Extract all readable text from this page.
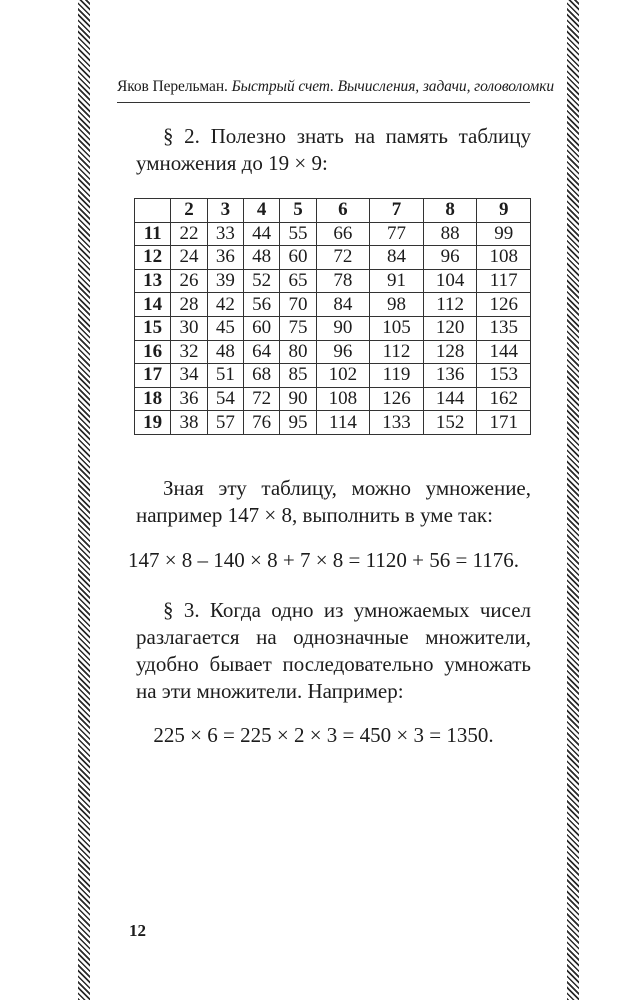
Яков Перельман. Быстрый счет. Вычисления, задачи, головоломки

§ 2. Полезно знать на память таблицу умножения до 19 × 9:

	2	3	4	5	6	7	8	9
11	22	33	44	55	66	77	88	99
12	24	36	48	60	72	84	96	108
13	26	39	52	65	78	91	104	117
14	28	42	56	70	84	98	112	126
15	30	45	60	75	90	105	120	135
16	32	48	64	80	96	112	128	144
17	34	51	68	85	102	119	136	153
18	36	54	72	90	108	126	144	162
19	38	57	76	95	114	133	152	171

Зная эту таблицу, можно умножение, например 147 × 8, выполнить в уме так:

147 × 8 – 140 × 8 + 7 × 8 = 1120 + 56 = 1176.

§ 3. Когда одно из умножаемых чисел разлагается на однозначные множители, удобно бывает последовательно умножать на эти множители. Например:

225 × 6 = 225 × 2 × 3 = 450 × 3 = 1350.

12
